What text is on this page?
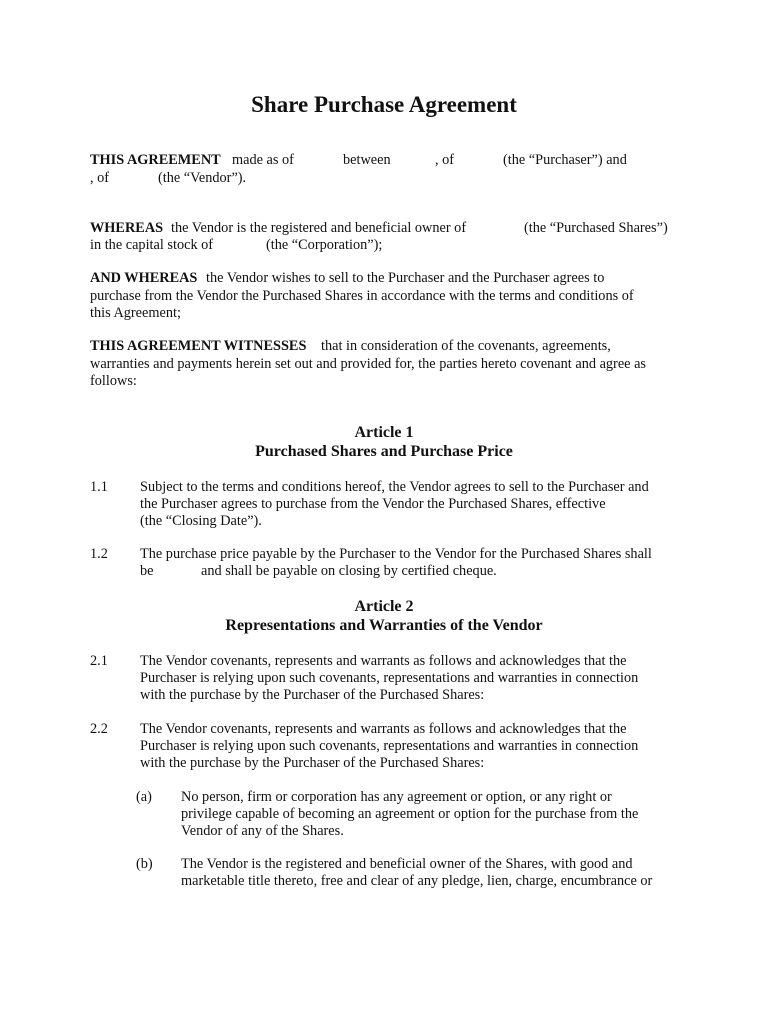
Share Purchase Agreement
THIS AGREEMENT made as of	between	, of	(the “Purchaser”) and
, of	(the “Vendor”).
WHEREAS the Vendor is the registered and beneficial owner of	(the “Purchased Shares”)
in the capital stock of	(the “Corporation”);
AND WHEREAS the Vendor wishes to sell to the Purchaser and the Purchaser agrees to
purchase from the Vendor the Purchased Shares in accordance with the terms and conditions of
this Agreement;
THIS AGREEMENT WITNESSES that in consideration of the covenants, agreements,
warranties and payments herein set out and provided for, the parties hereto covenant and agree as
follows:
Article 1
Purchased Shares and Purchase Price
1.1 Subject to the terms and conditions hereof, the Vendor agrees to sell to the Purchaser and
the Purchaser agrees to purchase from the Vendor the Purchased Shares, effective
(the “Closing Date”).
1.2 The purchase price payable by the Purchaser to the Vendor for the Purchased Shares shall
be	and shall be payable on closing by certified cheque.
Article 2
Representations and Warranties of the Vendor
2.1 The Vendor covenants, represents and warrants as follows and acknowledges that the
Purchaser is relying upon such covenants, representations and warranties in connection
with the purchase by the Purchaser of the Purchased Shares:
2.2 The Vendor covenants, represents and warrants as follows and acknowledges that the
Purchaser is relying upon such covenants, representations and warranties in connection
with the purchase by the Purchaser of the Purchased Shares:
(a) No person, firm or corporation has any agreement or option, or any right or
privilege capable of becoming an agreement or option for the purchase from the
Vendor of any of the Shares.
(b) The Vendor is the registered and beneficial owner of the Shares, with good and
marketable title thereto, free and clear of any pledge, lien, charge, encumbrance or
